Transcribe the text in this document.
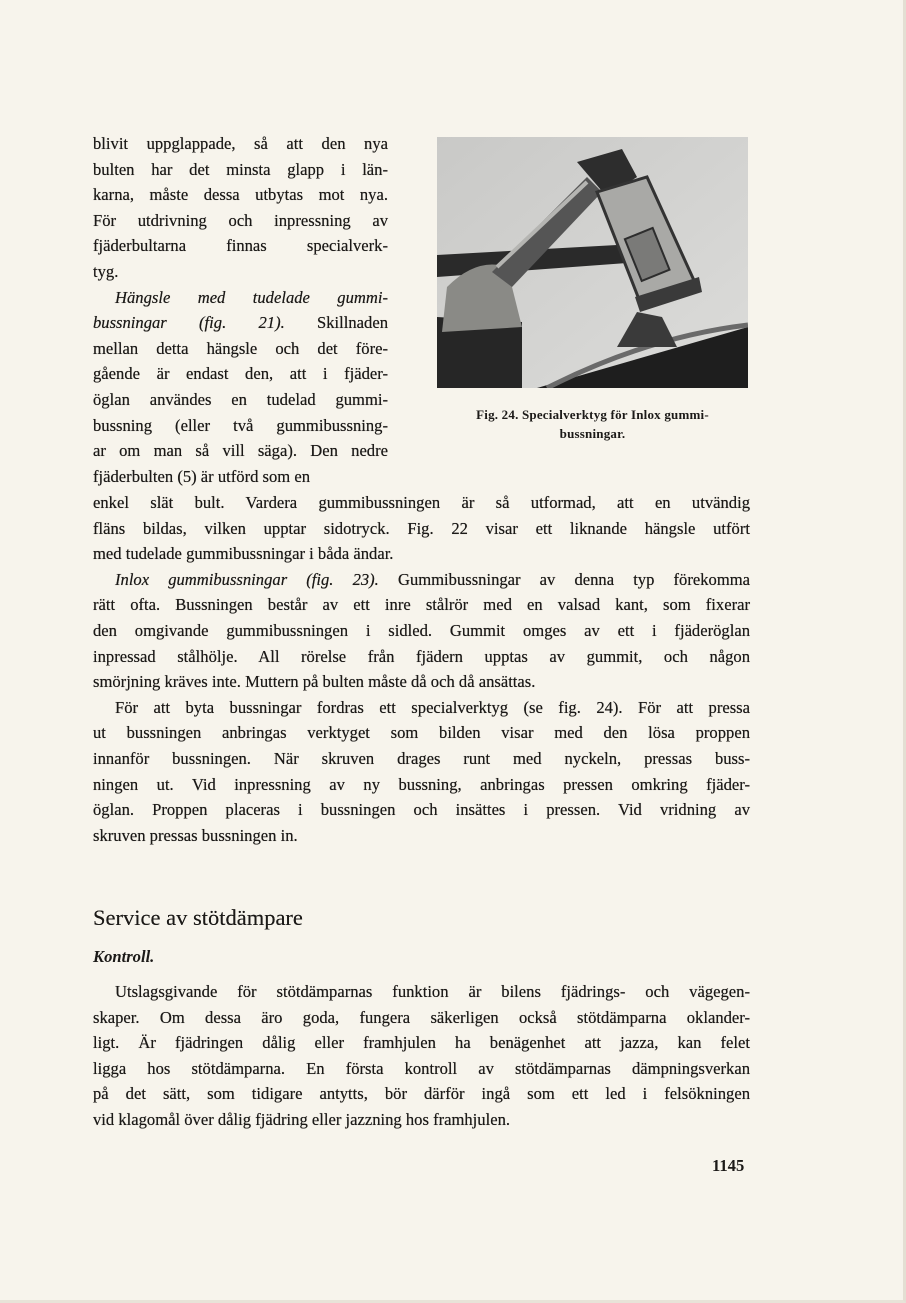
blivit uppglappade, så att den nya
bulten har det minsta glapp i län-
karna, måste dessa utbytas mot nya.
För utdrivning och inpressning av
fjäderbultarna finnas specialverk-
tyg.
Hängsle med tudelade gummi-
bussningar (fig. 21). Skillnaden
mellan detta hängsle och det före-
gående är endast den, att i fjäder-
öglan användes en tudelad gummi-
bussning (eller två gummibussning-
ar om man så vill säga). Den nedre
fjäderbulten (5) är utförd som en
enkel slät bult. Vardera gummibussningen är så utformad, att en utvändig
fläns bildas, vilken upptar sidotryck. Fig. 22 visar ett liknande hängsle utfört
med tudelade gummibussningar i båda ändar.
Inlox gummibussningar (fig. 23). Gummibussningar av denna typ förekomma
rätt ofta. Bussningen består av ett inre stålrör med en valsad kant, som fixerar
den omgivande gummibussningen i sidled. Gummit omges av ett i fjäderöglan
inpressad stålhölje. All rörelse från fjädern upptas av gummit, och någon
smörjning kräves inte. Muttern på bulten måste då och då ansättas.
För att byta bussningar fordras ett specialverktyg (se fig. 24). För att pressa
ut bussningen anbringas verktyget som bilden visar med den lösa proppen
innanför bussningen. När skruven drages runt med nyckeln, pressas buss-
ningen ut. Vid inpressning av ny bussning, anbringas pressen omkring fjäder-
öglan. Proppen placeras i bussningen och insättes i pressen. Vid vridning av
skruven pressas bussningen in.
Fig. 24. Specialverktyg för Inlox gummi-
bussningar.
Service av stötdämpare
Kontroll.
Utslagsgivande för stötdämparnas funktion är bilens fjädrings- och vägegen-
skaper. Om dessa äro goda, fungera säkerligen också stötdämparna oklander-
ligt. Är fjädringen dålig eller framhjulen ha benägenhet att jazza, kan felet
ligga hos stötdämparna. En första kontroll av stötdämparnas dämpningsverkan
på det sätt, som tidigare antytts, bör därför ingå som ett led i felsökningen
vid klagomål över dålig fjädring eller jazzning hos framhjulen.
1145
